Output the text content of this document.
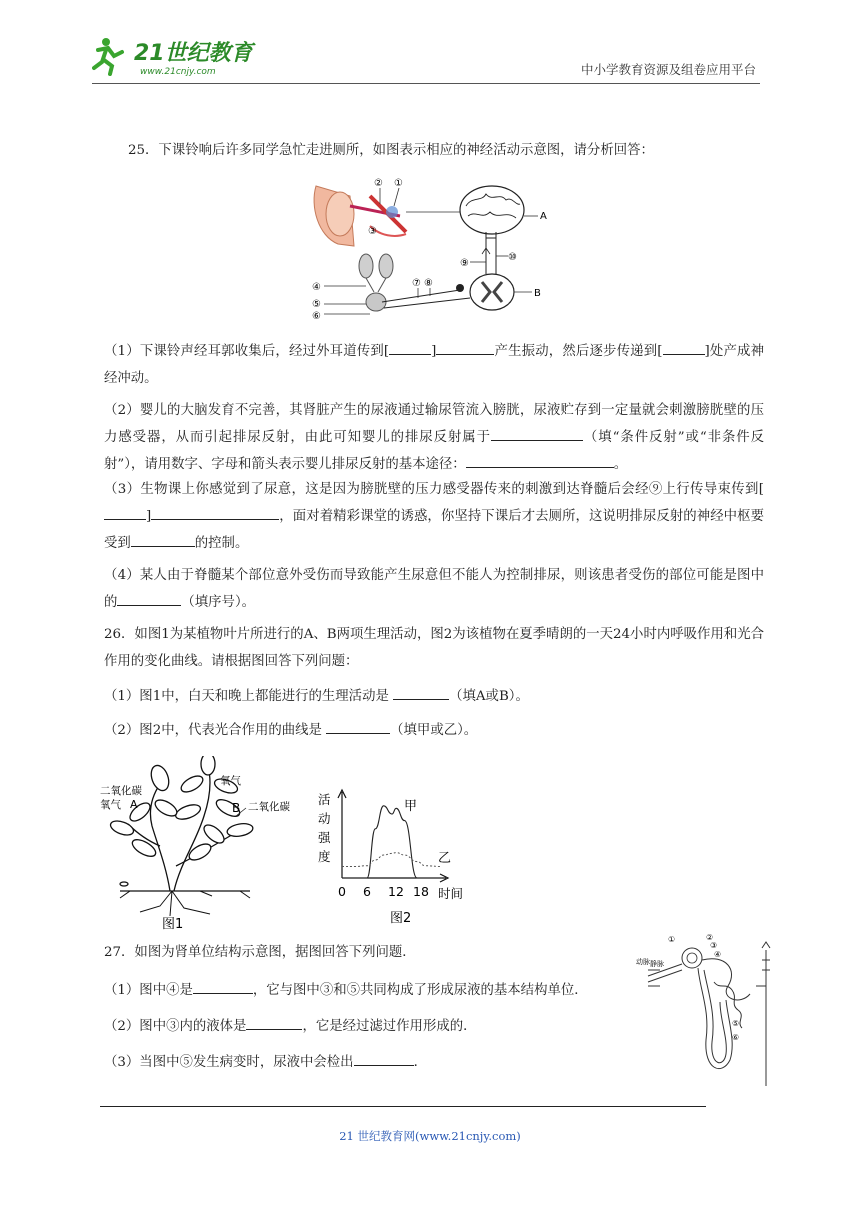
21世纪教育
www.21cnjy.com	中小学教育资源及组卷应用平台
25．下课铃响后许多同学急忙走进厕所，如图表示相应的神经活动示意图，请分析回答：
② ①
③
A
⑨
⑩
B
④
⑤
⑥
⑦ ⑧
（1）下课铃声经耳郭收集后，经过外耳道传到[	]	产生振动，然后逐步传递到[	]处产成神经冲动。
（2）婴儿的大脑发育不完善，其肾脏产生的尿液通过输尿管流入膀胱，尿液贮存到一定量就会刺激膀胱壁的压力感受器，从而引起排尿反射，由此可知婴儿的排尿反射属于	（填“条件反射”或“非条件反射”），请用数字、字母和箭头表示婴儿排尿反射的基本途径：	。
（3）生物课上你感觉到了尿意，这是因为膀胱壁的压力感受器传来的刺激到达脊髓后会经⑨上行传导束传到[]	，面对着精彩课堂的诱惑，你坚持下课后才去厕所，这说明排尿反射的神经中枢要受到	的控制。
（4）某人由于脊髓某个部位意外受伤而导致能产生尿意但不能人为控制排尿，则该患者受伤的部位可能是图中的	（填序号）。
26．如图1为某植物叶片所进行的A、B两项生理活动，图2为该植物在夏季晴朗的一天24小时内呼吸作用和光合作用的变化曲线。请根据图回答下列问题：
（1）图1中，白天和晚上都能进行的生理活动是	（填A或B）。
（2）图2中，代表光合作用的曲线是	（填甲或乙）。
二氧化碳
氧气 A
氧气
B 二氧化碳
图1
活
动
强
度
0 6 12 18
甲
乙
时间
图2
27．如图为肾单位结构示意图，据图回答下列问题．
（1）图中④是	，它与图中③和⑤共同构成了形成尿液的基本结构单位．
（2）图中③内的液体是	，它是经过滤过作用形成的．
（3）当图中⑤发生病变时，尿液中会检出	．
①	②
③
④
⑤
⑥
动脉 静脉
21 世纪教育网(www.21cnjy.com)
